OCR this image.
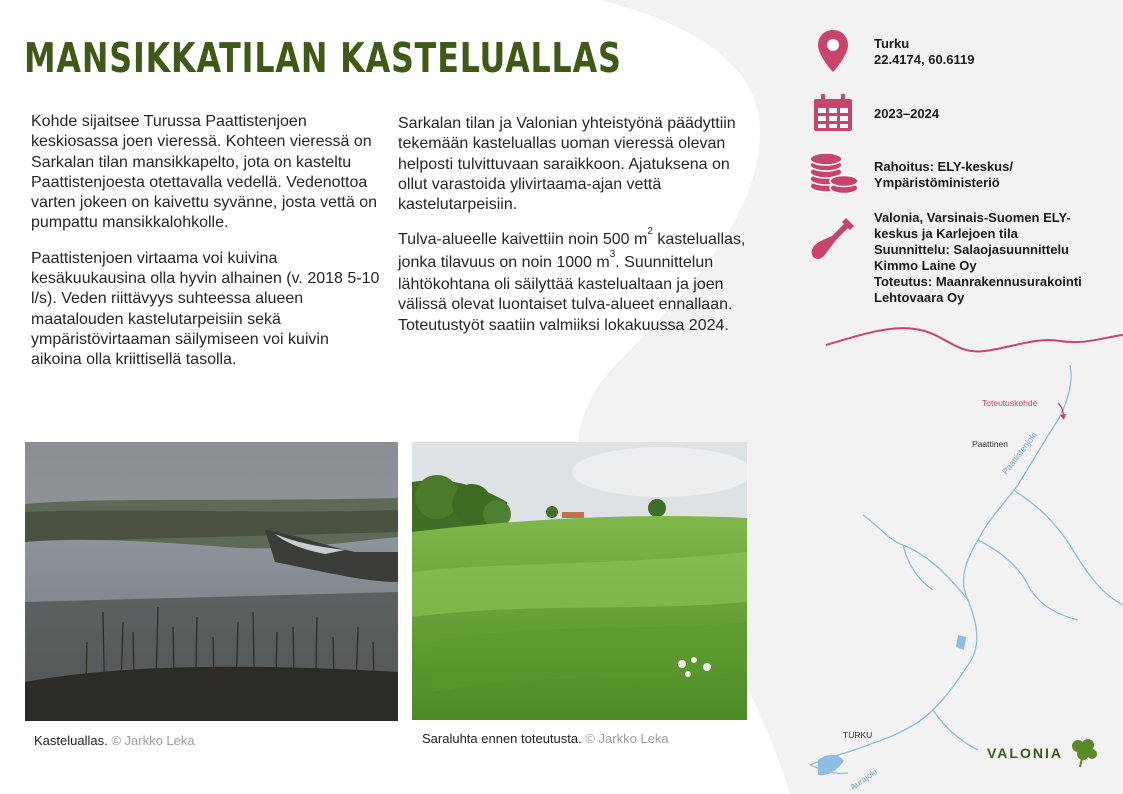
MANSIKKATILAN KASTELUALLAS

Kohde sijaitsee Turussa Paattistenjoen keskiosassa joen vieressä. Kohteen vieressä on Sarkalan tilan mansikkapelto, jota on kasteltu Paattistenjoesta otettavalla vedellä. Vedenottoa varten jokeen on kaivettu syvänne, josta vettä on pumpattu mansikkalohkolle.

Paattistenjoen virtaama voi kuivina kesäkuukausina olla hyvin alhainen (v. 2018 5-10 l/s). Veden riittävyys suhteessa alueen maatalouden kastelutarpeisiin sekä ympäristövirtaaman säilymiseen voi kuivin aikoina olla kriittisellä tasolla.

Sarkalan tilan ja Valonian yhteistyönä päädyttiin tekemään kasteluallas uoman vieressä olevan helposti tulvittuvaan saraikkoon. Ajatuksena on ollut varastoida ylivirtaama-ajan vettä kastelutarpeisiin.

Tulva-alueelle kaivettiin noin 500 $m^2$ kasteluallas, jonka tilavuus on noin 1000 $m^3$. Suunnittelun lähtökohtana oli säilyttää kastelualtaan ja joen välissä olevat luontaiset tulva-alueet ennallaan. Toteutustyöt saatiin valmiiksi lokakuussa 2024.

Kasteluallas. © Jarkko Leka	Saraluhta ennen toteutusta. © Jarkko Leka
Turku
22.4174, 60.6119
2023–2024
Rahoitus: ELY-keskus/
Ympäristöministeriö
Valonia, Varsinais-Suomen ELY-
keskus ja Karlejoen tila
Suunnittelu: Salaojasuunnittelu
Kimmo Laine Oy
Toteutus: Maanrakennusurakointi
Lehtovaara Oy
Toteutuskohde
Paattinen
Paattistenjoki
TURKU
Aurajoki
VALONIA
